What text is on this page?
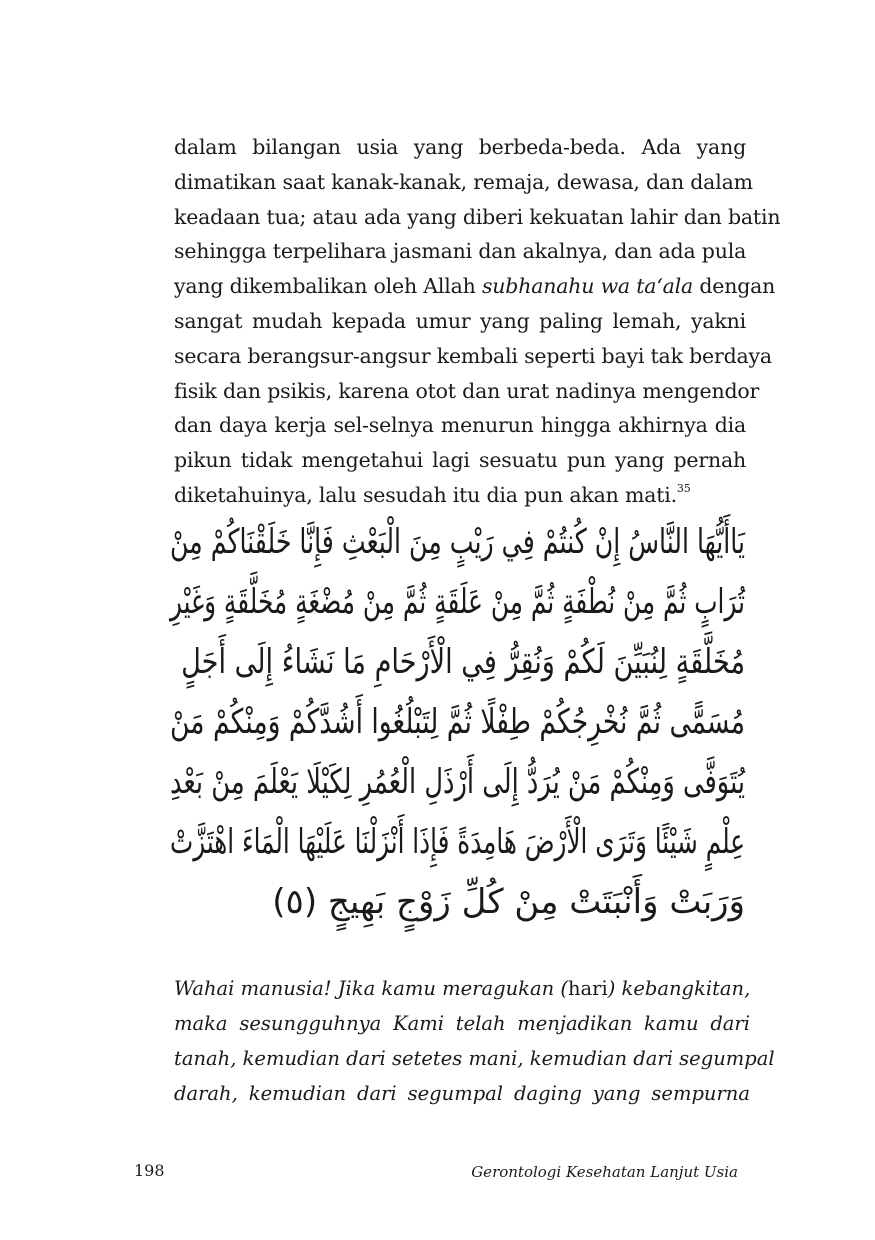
dalam bilangan usia yang berbeda-beda. Ada yang
dimatikan saat kanak-kanak, remaja, dewasa, dan dalam
keadaan tua; atau ada yang diberi kekuatan lahir dan batin
sehingga terpelihara jasmani dan akalnya, dan ada pula
yang dikembalikan oleh Allah subhanahu wa ta‘ala dengan
sangat mudah kepada umur yang paling lemah, yakni
secara berangsur-angsur kembali seperti bayi tak berdaya
fisik dan psikis, karena otot dan urat nadinya mengendor
dan daya kerja sel-selnya menurun hingga akhirnya dia
pikun tidak mengetahui lagi sesuatu pun yang pernah
diketahuinya, lalu sesudah itu dia pun akan mati.$^{35}$
يَاأَيُّهَا النَّاسُ إِنْ كُنتُمْ فِي رَيْبٍ مِنَ الْبَعْثِ فَإِنَّا خَلَقْنَاكُمْ مِنْ
تُرَابٍ ثُمَّ مِنْ نُطْفَةٍ ثُمَّ مِنْ عَلَقَةٍ ثُمَّ مِنْ مُضْغَةٍ مُخَلَّقَةٍ وَغَيْرِ
مُخَلَّقَةٍ لِنُبَيِّنَ لَكُمْ وَنُقِرُّ فِي الْأَرْحَامِ مَا نَشَاءُ إِلَى أَجَلٍ
مُسَمًّى ثُمَّ نُخْرِجُكُمْ طِفْلًا ثُمَّ لِتَبْلُغُوا أَشُدَّكُمْ وَمِنْكُمْ مَنْ
يُتَوَفَّى وَمِنْكُمْ مَنْ يُرَدُّ إِلَى أَرْذَلِ الْعُمُرِ لِكَيْلَا يَعْلَمَ مِنْ بَعْدِ
عِلْمٍ شَيْئًا وَتَرَى الْأَرْضَ هَامِدَةً فَإِذَا أَنْزَلْنَا عَلَيْهَا الْمَاءَ اهْتَزَّتْ
وَرَبَتْ وَأَنْبَتَتْ مِنْ كُلِّ زَوْجٍ بَهِيجٍ (٥)
Wahai manusia! Jika kamu meragukan (hari) kebangkitan,
maka sesungguhnya Kami telah menjadikan kamu dari
tanah, kemudian dari setetes mani, kemudian dari segumpal
darah, kemudian dari segumpal daging yang sempurna
198	Gerontologi Kesehatan Lanjut Usia
